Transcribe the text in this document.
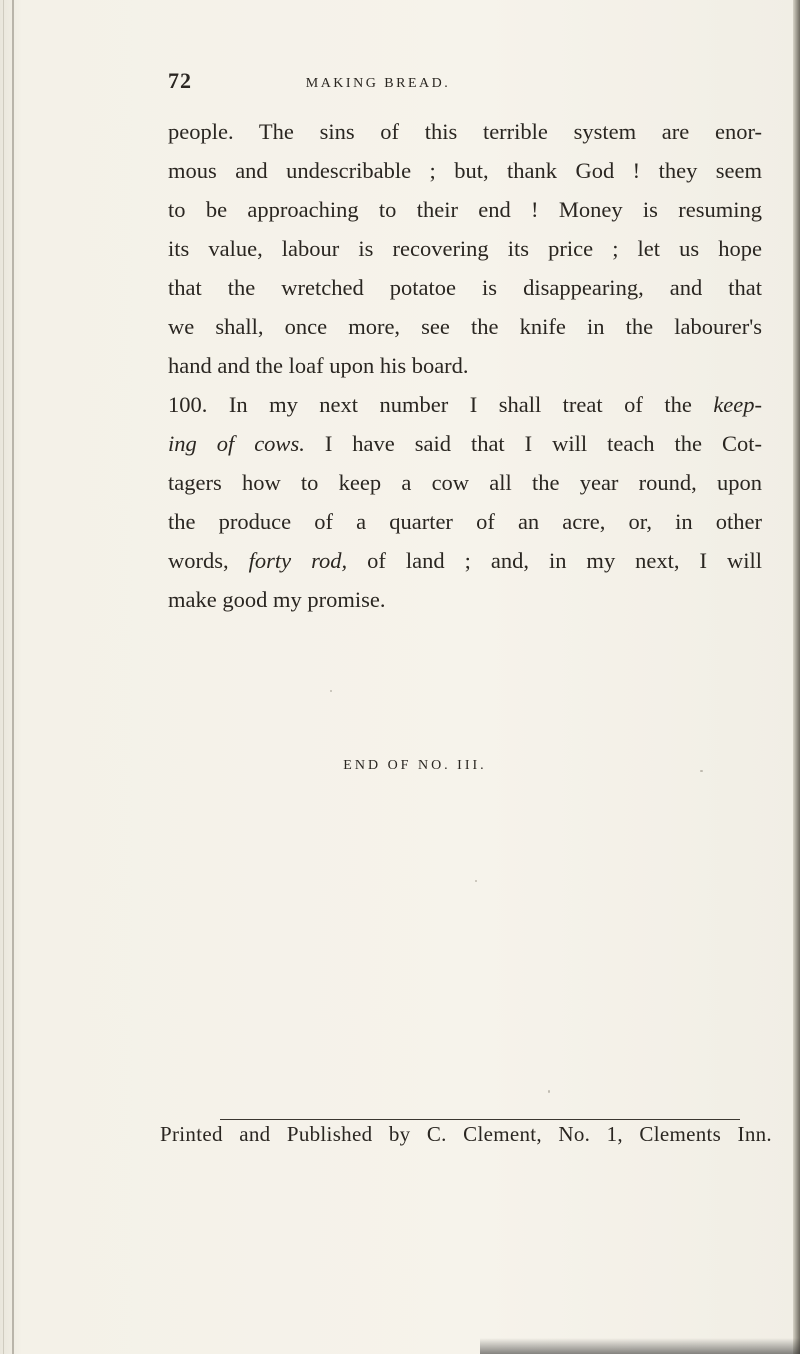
72	MAKING BREAD.
people. The sins of this terrible system are enor-
mous and undescribable ; but, thank God ! they seem
to be approaching to their end ! Money is resuming
its value, labour is recovering its price ; let us hope
that the wretched potatoe is disappearing, and that
we shall, once more, see the knife in the labourer's
hand and the loaf upon his board.
100. In my next number I shall treat of the keep-
ing of cows. I have said that I will teach the Cot-
tagers how to keep a cow all the year round, upon
the produce of a quarter of an acre, or, in other
words, forty rod, of land ; and, in my next, I will
make good my promise.
END OF NO. III.
Printed and Published by C. Clement, No. 1, Clements Inn.
